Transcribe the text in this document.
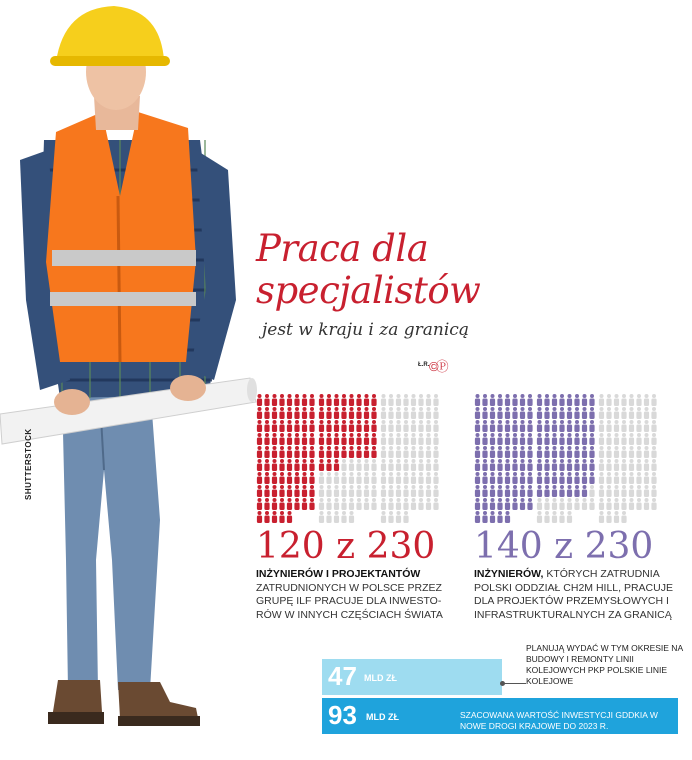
SHUTTERSTOCK
Praca dla
specjalistów
jest w kraju i za granicą
Ł.R. ©Ⓟ
120 z 230
INŻYNIERÓW I PROJEKTANTÓW
ZATRUDNIONYCH W POLSCE PRZEZ GRUPĘ ILF PRACUJE DLA INWESTO-RÓW W INNYCH CZĘŚCIACH ŚWIATA
140 z 230
INŻYNIERÓW, KTÓRYCH ZATRUDNIA POLSKI ODDZIAŁ CH2M HILL, PRACUJE DLA PROJEKTÓW PRZEMYSŁOWYCH I INFRASTRUKTURALNYCH ZA GRANICĄ
47 MLD ZŁ
PLANUJĄ WYDAĆ W TYM OKRESIE NA BUDOWY I REMONTY LINII KOLEJOWYCH PKP POLSKIE LINIE KOLEJOWE
93 MLD ZŁ	SZACOWANA WARTOŚĆ INWESTYCJI GDDKIA W NOWE DROGI KRAJOWE DO 2023 R.
